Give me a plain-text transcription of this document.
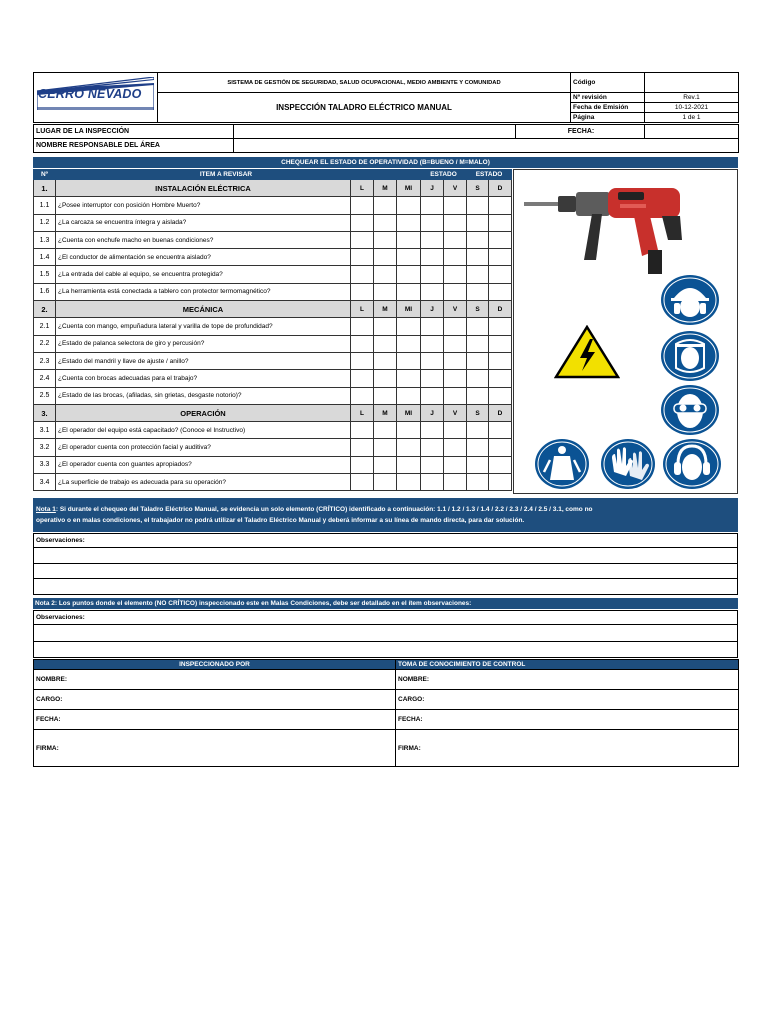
CERRO NEVADO	SISTEMA DE GESTIÓN DE SEGURIDAD, SALUD OCUPACIONAL, MEDIO AMBIENTE Y COMUNIDAD	Código	
	INSPECCIÓN TALADRO ELÉCTRICO MANUAL	Nº revisión	Rev.1
		Fecha de Emisión	10-12-2021
		Página	1 de 1
LUGAR DE LA INSPECCIÓN		FECHA:	
NOMBRE RESPONSABLE DEL ÁREA			
CHEQUEAR EL ESTADO DE OPERATIVIDAD (B=BUENO / M=MALO)
Nº	ITEM A REVISAR				ESTADO		ESTADO	
1.	INSTALACIÓN ELÉCTRICA	L	M	MI	J	V	S	D
1.1	¿Posee interruptor con posición Hombre Muerto?							
1.2	¿La carcaza se encuentra íntegra y aislada?							
1.3	¿Cuenta con enchufe macho en buenas condiciones?							
1.4	¿El conductor de alimentación se encuentra aislado?							
1.5	¿La entrada del cable al equipo, se encuentra protegida?							
1.6	¿La herramienta está conectada a tablero con protector termomagnético?							
2.	MECÁNICA	L	M	MI	J	V	S	D
2.1	¿Cuenta con mango, empuñadura lateral y varilla de tope de profundidad?							
2.2	¿Estado de palanca selectora de giro y percusión?							
2.3	¿Estado del mandril y llave de ajuste / anillo?							
2.4	¿Cuenta con brocas adecuadas para el trabajo?							
2.5	¿Estado de las brocas, (afiladas, sin grietas, desgaste notorio)?							
3.	OPERACIÓN	L	M	MI	J	V	S	D
3.1	¿El operador del equipo está capacitado? (Conoce el Instructivo)							
3.2	¿El operador cuenta con protección facial y auditiva?							
3.3	¿El operador cuenta con guantes apropiados?							
3.4	¿La superficie de trabajo es adecuada para su operación?							
Nota 1: Si durante el chequeo del Taladro Eléctrico Manual, se evidencia un solo elemento (CRÍTICO) identificado a continuación: 1.1 / 1.2 / 1.3 / 1.4 / 2.2 / 2.3 / 2.4 / 2.5 / 3.1, como no
operativo o en malas condiciones, el trabajador no podrá utilizar el Taladro Eléctrico Manual y deberá informar a su línea de mando directa, para dar solución.
Observaciones:

Nota 2: Los puntos donde el elemento (NO CRÍTICO) inspeccionado este en Malas Condiciones, debe ser detallado en el ítem observaciones:
Observaciones:

INSPECCIONADO POR	TOMA DE CONOCIMIENTO DE CONTROL
NOMBRE:	NOMBRE:
CARGO:	CARGO:
FECHA:	FECHA:
FIRMA:	FIRMA:
